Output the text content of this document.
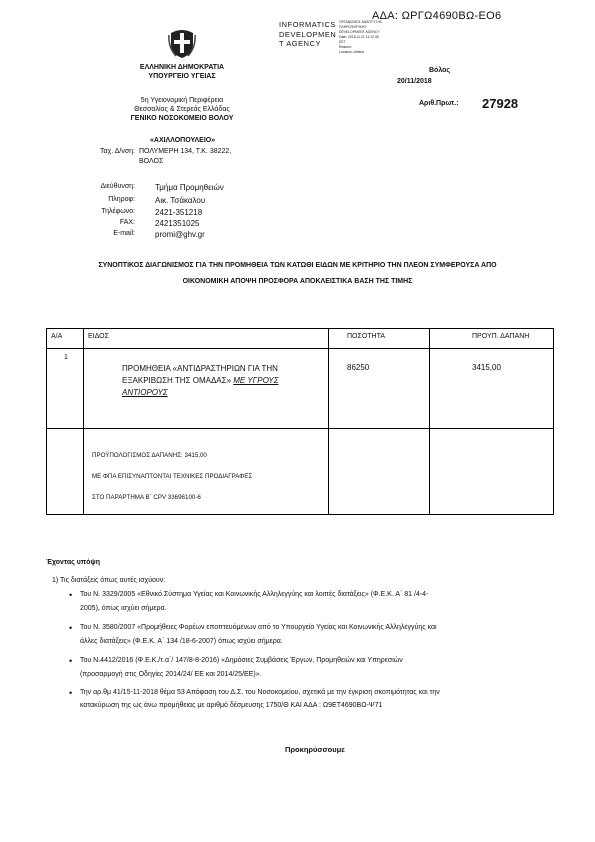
ΑΔΑ: ΩΡΓΩ4690ΒΩ-ΕΟ6
INFORMATICS
DEVELOPMEN
T AGENCY
ΟΡΓΑΝΙΣΜΟΣ ΑΝΑΠΤΥΞΗΣ
ΠΛΗΡΟΦΟΡΙΚΗΣ
DEVELOPMENT AGENCY
Date: 2018.11.21 11:12:35
EET
Reason:
Location: Athens
ΕΛΛΗΝΙΚΗ ΔΗΜΟΚΡΑΤΙΑ
ΥΠΟΥΡΓΕΙΟ ΥΓΕΙΑΣ
5η Υγειονομική Περιφέρεια
Θεσσαλίας & Στερεάς Ελλάδας
ΓΕΝΙΚΟ ΝΟΣΟΚΟΜΕΙΟ ΒΟΛΟΥ
Βόλος
20/11/2018
Αριθ.Πρωτ.: 27928
«ΑΧΙΛΛΟΠΟΥΛΕΙΟ»
Ταχ. Δ/νση: ΠΟΛΥΜΕΡΗ 134, Τ.Κ. 38222,
ΒΟΛΟΣ
Διεύθυνση:	Τμήμα Προμηθειών
Πληροφ:	Αικ. Τσάκαλου
Τηλέφωνο:	2421-351218
FAX:	2421351025
E-mail:	promi@ghv.gr
ΣΥΝΟΠΤΙΚΟΣ ΔΙΑΓΩΝΙΣΜΟΣ ΓΙΑ ΤΗΝ ΠΡΟΜΗΘΕΙΑ ΤΩΝ ΚΑΤΩΘΙ ΕΙΔΩΝ ΜΕ ΚΡΙΤΗΡΙΟ ΤΗΝ ΠΛΕΟΝ ΣΥΜΦΕΡΟΥΣΑ ΑΠΟ
ΟΙΚΟΝΟΜΙΚΗ ΑΠΟΨΗ ΠΡΟΣΦΟΡΑ ΑΠΟΚΛΕΙΣΤΙΚΑ ΒΑΣΗ ΤΗΣ ΤΙΜΗΣ
Α/Α	ΕΙΔΟΣ	ΠΟΣΟΤΗΤΑ	ΠΡΟΥΠ. ΔΑΠΑΝΗ

1	ΠΡΟΜΗΘΕΙΑ «ΑΝΤΙΔΡΑΣΤΗΡΙΩΝ ΓΙΑ ΤΗΝ
ΕΞΑΚΡΙΒΩΣΗ ΤΗΣ ΟΜΑΔΑΣ» ΜΕ ΥΓΡΟΥΣ
ΑΝΤΙΟΡΟΥΣ	86250	3415,00

	ΠΡΟΫΠΟΛΟΓΙΣΜΟΣ ΔΑΠΑΝΗΣ: 3415,00
ΜΕ ΦΠΑ ΕΠΙΣΥΝΑΠΤΟΝΤΑΙ ΤΕΧΝΙΚΕΣ ΠΡΟΔΙΑΓΡΑΦΕΣ
ΣΤΟ ΠΑΡΑΡΤΗΜΑ Β΄ CPV 33696100-6		

Έχοντας υπόψη
1) Τις διατάξεις όπως αυτές ισχύουν:
• Του Ν. 3329/2005 «Εθνικό Σύστημα Υγείας και Κοινωνικής Αλληλεγγύης και λοιπές διατάξεις» (Φ.Ε.Κ. Α΄ 81 /4-4-
2005), όπως ισχύει σήμερα.
• Του Ν. 3580/2007 «Προμήθειες Φορέων εποπτευόμενων από το Υπουργείο Υγείας και Κοινωνικής Αλληλεγγύης και
άλλες διατάξεις» (Φ.Ε.Κ. Α΄ 134 /18-6-2007) όπως ισχύει σήμερα.
• Του Ν.4412/2016 (Φ.Ε.Κ./τ.α΄/ 147/8-8-2016) «Δημόσιες Συμβάσεις Έργων, Προμηθειών και Υπηρεσιών
(προσαρμογή στις Οδηγίες 2014/24/ ΕΕ και 2014/25/ΕΕ)».
• Την αρ.θμ 41/15-11-2018 θέμα 53 Απόφαση του Δ.Σ. του Νοσοκομείου, σχετικά με την έγκριση σκοπιμότητας και την
κατακύρωση της ως άνω προμήθειας με αριθμό δέσμευσης 1750/Θ ΚΑΙ ΑΔΑ : Ω9ΕΤ4690ΒΩ-Ψ71
Προκηρύσσουμε
